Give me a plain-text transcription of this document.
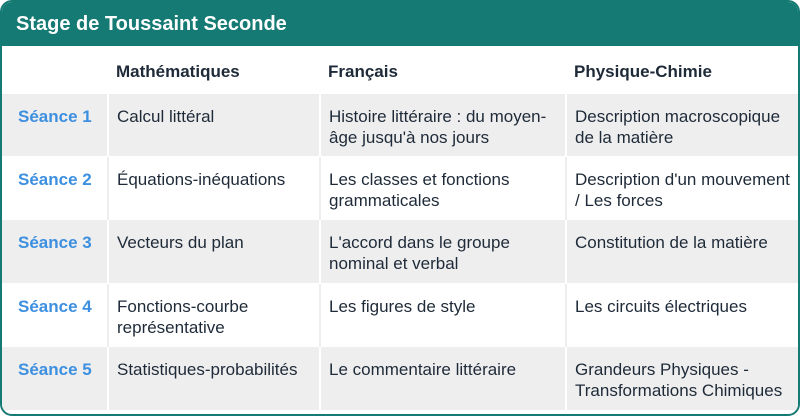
Stage de Toussaint Seconde
	Mathématiques	Français	Physique-Chimie
Séance 1	Calcul littéral	Histoire littéraire : du moyen-âge jusqu'à nos jours	Description macroscopique de la matière
Séance 2	Équations-inéquations	Les classes et fonctions grammaticales	Description d'un mouvement / Les forces
Séance 3	Vecteurs du plan	L'accord dans le groupe nominal et verbal	Constitution de la matière
Séance 4	Fonctions-courbe représentative	Les figures de style	Les circuits électriques
Séance 5	Statistiques-probabilités	Le commentaire littéraire	Grandeurs Physiques - Transformations Chimiques
